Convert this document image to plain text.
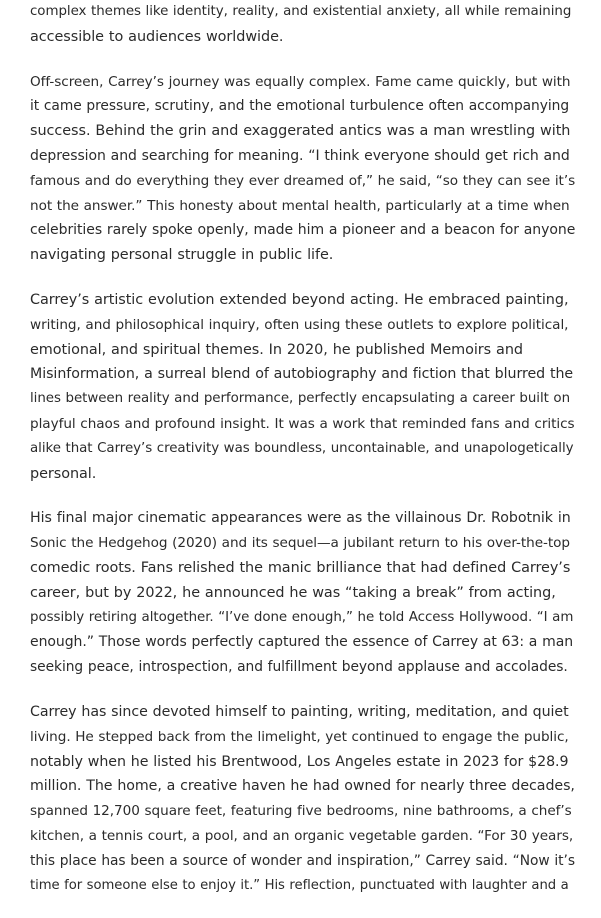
complex themes like identity, reality, and existential anxiety, all while remaining
accessible to audiences worldwide.

Off-screen, Carrey’s journey was equally complex. Fame came quickly, but with
it came pressure, scrutiny, and the emotional turbulence often accompanying
success. Behind the grin and exaggerated antics was a man wrestling with
depression and searching for meaning. “I think everyone should get rich and
famous and do everything they ever dreamed of,” he said, “so they can see it’s
not the answer.” This honesty about mental health, particularly at a time when
celebrities rarely spoke openly, made him a pioneer and a beacon for anyone
navigating personal struggle in public life.

Carrey’s artistic evolution extended beyond acting. He embraced painting,
writing, and philosophical inquiry, often using these outlets to explore political,
emotional, and spiritual themes. In 2020, he published Memoirs and
Misinformation, a surreal blend of autobiography and fiction that blurred the
lines between reality and performance, perfectly encapsulating a career built on
playful chaos and profound insight. It was a work that reminded fans and critics
alike that Carrey’s creativity was boundless, uncontainable, and unapologetically
personal.

His final major cinematic appearances were as the villainous Dr. Robotnik in
Sonic the Hedgehog (2020) and its sequel—a jubilant return to his over-the-top
comedic roots. Fans relished the manic brilliance that had defined Carrey’s
career, but by 2022, he announced he was “taking a break” from acting,
possibly retiring altogether. “I’ve done enough,” he told Access Hollywood. “I am
enough.” Those words perfectly captured the essence of Carrey at 63: a man
seeking peace, introspection, and fulfillment beyond applause and accolades.

Carrey has since devoted himself to painting, writing, meditation, and quiet
living. He stepped back from the limelight, yet continued to engage the public,
notably when he listed his Brentwood, Los Angeles estate in 2023 for $28.9
million. The home, a creative haven he had owned for nearly three decades,
spanned 12,700 square feet, featuring five bedrooms, nine bathrooms, a chef’s
kitchen, a tennis court, a pool, and an organic vegetable garden. “For 30 years,
this place has been a source of wonder and inspiration,” Carrey said. “Now it’s
time for someone else to enjoy it.” His reflection, punctuated with laughter and a
